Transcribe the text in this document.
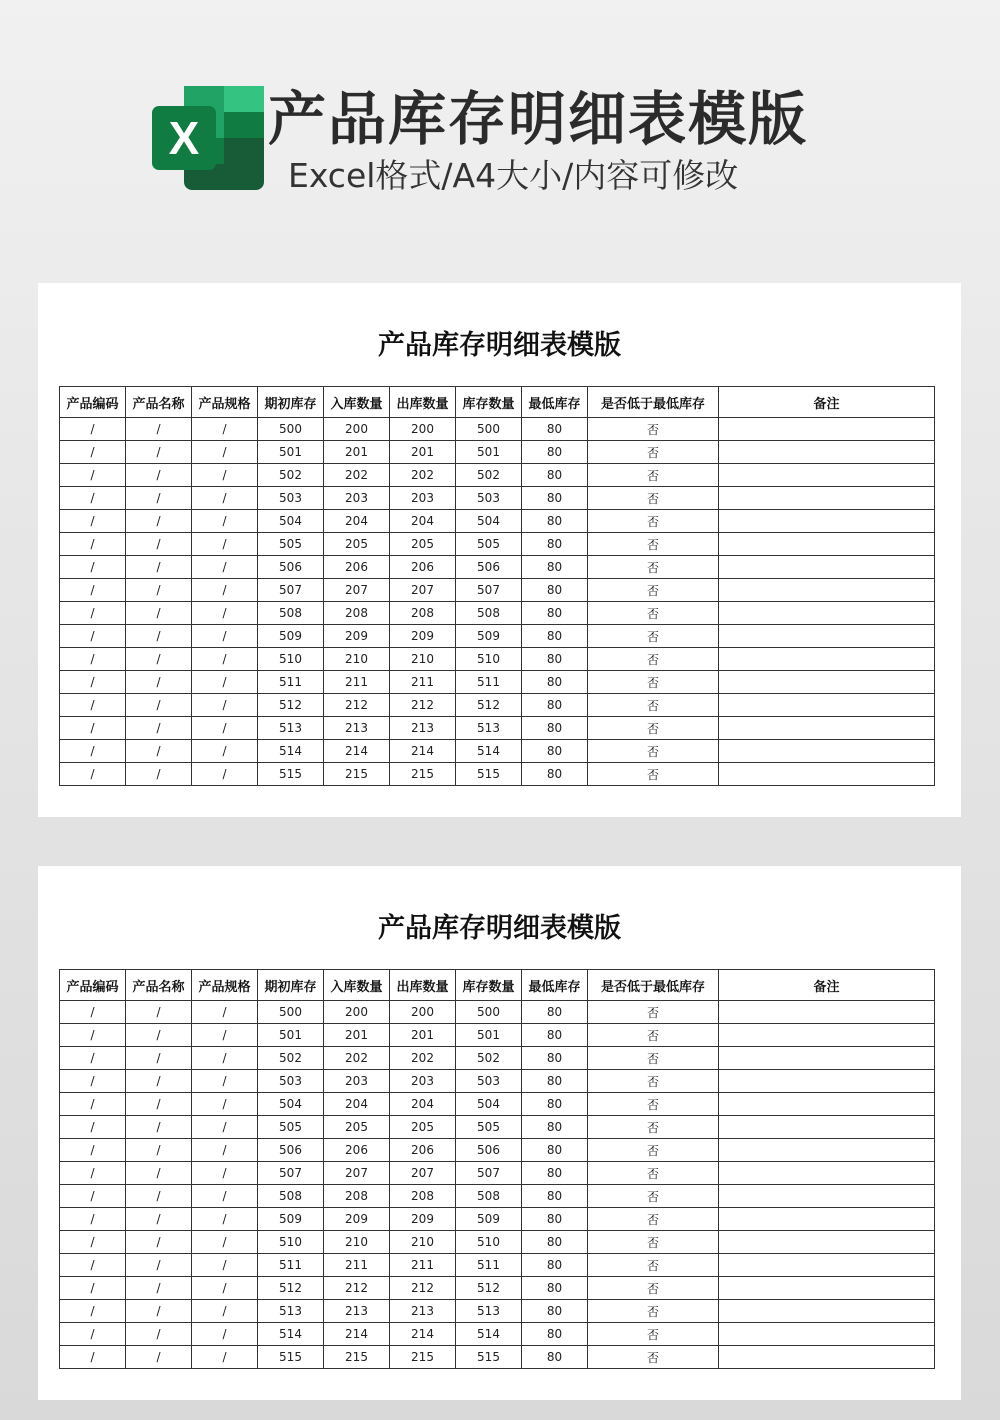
X 产品库存明细表模版
Excel格式/A4大小/内容可修改
产品库存明细表模版
产品编码	产品名称	产品规格	期初库存	入库数量	出库数量	库存数量	最低库存	是否低于最低库存	备注
/	/	/	500	200	200	500	80	否	
/	/	/	501	201	201	501	80	否	
/	/	/	502	202	202	502	80	否	
/	/	/	503	203	203	503	80	否	
/	/	/	504	204	204	504	80	否	
/	/	/	505	205	205	505	80	否	
/	/	/	506	206	206	506	80	否	
/	/	/	507	207	207	507	80	否	
/	/	/	508	208	208	508	80	否	
/	/	/	509	209	209	509	80	否	
/	/	/	510	210	210	510	80	否	
/	/	/	511	211	211	511	80	否	
/	/	/	512	212	212	512	80	否	
/	/	/	513	213	213	513	80	否	
/	/	/	514	214	214	514	80	否	
/	/	/	515	215	215	515	80	否	
产品库存明细表模版
产品编码	产品名称	产品规格	期初库存	入库数量	出库数量	库存数量	最低库存	是否低于最低库存	备注
/	/	/	500	200	200	500	80	否	
/	/	/	501	201	201	501	80	否	
/	/	/	502	202	202	502	80	否	
/	/	/	503	203	203	503	80	否	
/	/	/	504	204	204	504	80	否	
/	/	/	505	205	205	505	80	否	
/	/	/	506	206	206	506	80	否	
/	/	/	507	207	207	507	80	否	
/	/	/	508	208	208	508	80	否	
/	/	/	509	209	209	509	80	否	
/	/	/	510	210	210	510	80	否	
/	/	/	511	211	211	511	80	否	
/	/	/	512	212	212	512	80	否	
/	/	/	513	213	213	513	80	否	
/	/	/	514	214	214	514	80	否	
/	/	/	515	215	215	515	80	否	
